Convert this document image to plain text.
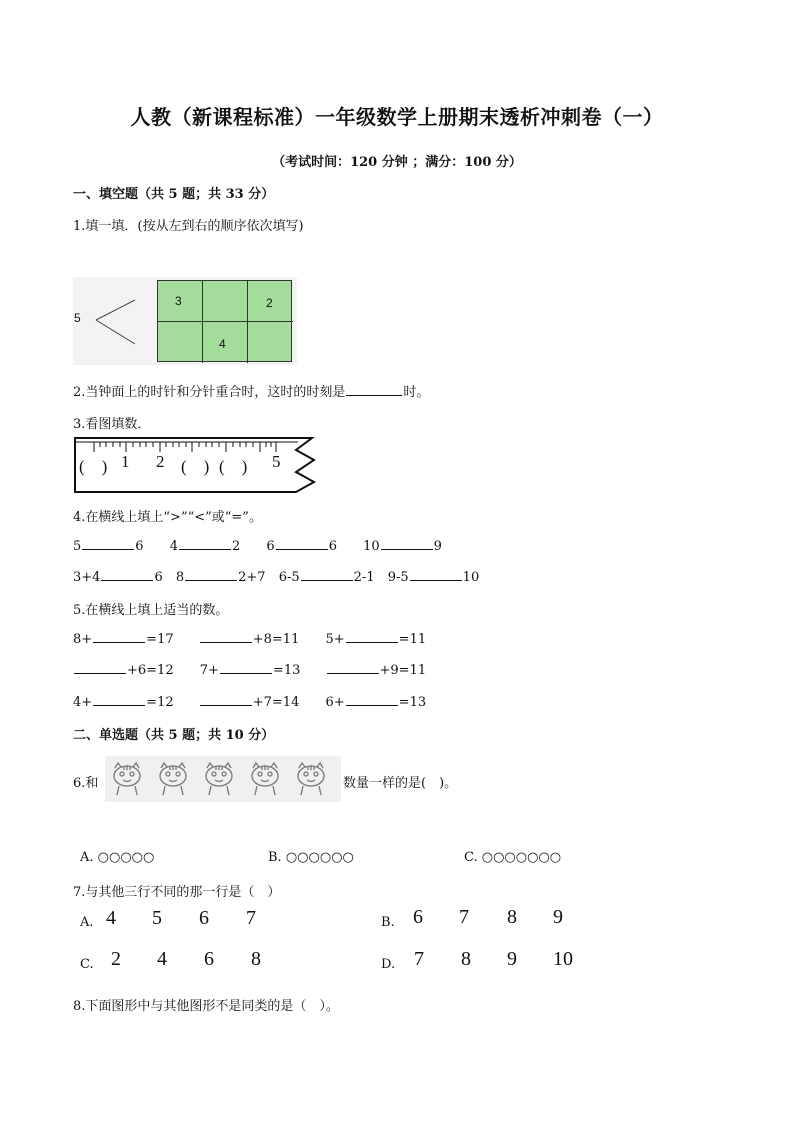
人教（新课程标准）一年级数学上册期末透析冲刺卷（一）
（考试时间：120 分钟 ；满分：100 分）
一、填空题（共 5 题；共 33 分）
1.填一填．(按从左到右的顺序依次填写)
5
3	2
4
2.当钟面上的时针和分针重合时，这时的时刻是	时。
3.看图填数．
(　) 1 2 (　) (　) 5
4.在横线上填上“>”“<”或“=”。
5	6 4	2 6	6 10	9
3+4	6 8	2+7 6-5	2-1 9-5	10
5.在横线上填上适当的数。
8+	=17	+8=11 5+	=11
+6=12 7+	=13	+9=11
4+	=12	+7=14 6+	=13
二、单选题（共 5 题；共 10 分）
6.和	数量一样的是(　)。
A. ○○○○○	B. ○○○○○○	C. ○○○○○○○
7.与其他三行不同的那一行是（　）
A. 4 5 6 7	B. 6 7 8 9
C. 2 4 6 8	D. 7 8 9 10
8.下面图形中与其他图形不是同类的是（　）。
